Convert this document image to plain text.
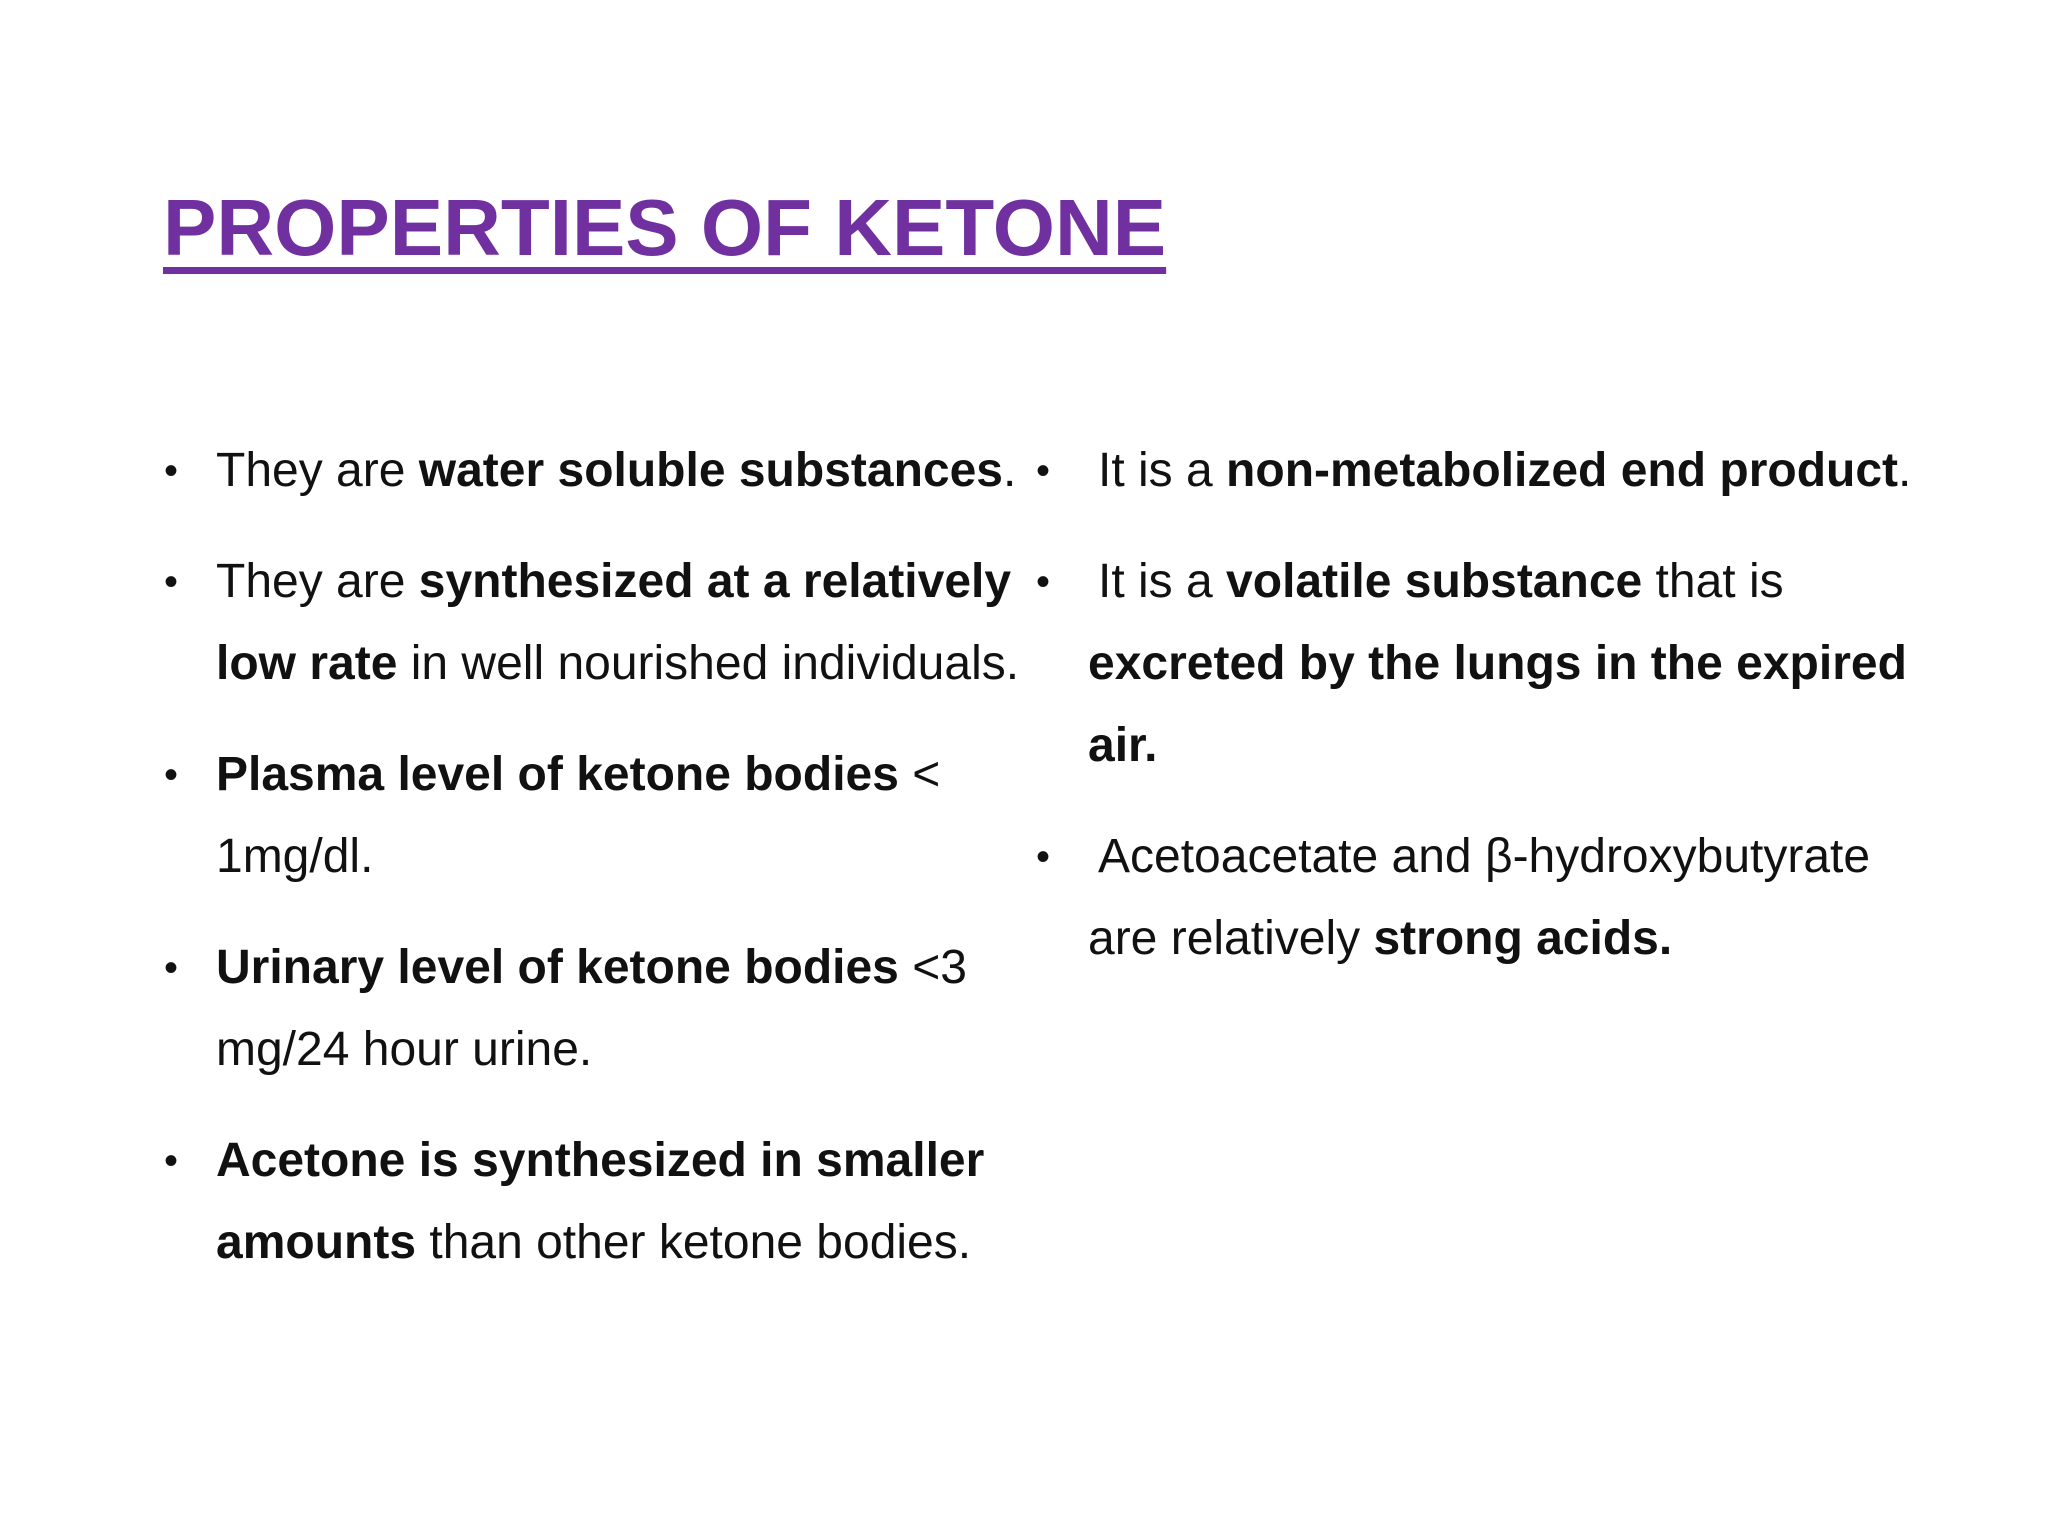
PROPERTIES OF KETONE
• They are water soluble substances.
• They are synthesized at a relatively low rate in well nourished individuals.
• Plasma level of ketone bodies < 1mg/dl.
• Urinary level of ketone bodies <3 mg/24 hour urine.
• Acetone is synthesized in smaller amounts than other ketone bodies.
• It is a non-metabolized end product.
• It is a volatile substance that is excreted by the lungs in the expired air.
• Acetoacetate and β-hydroxybutyrate are relatively strong acids.
